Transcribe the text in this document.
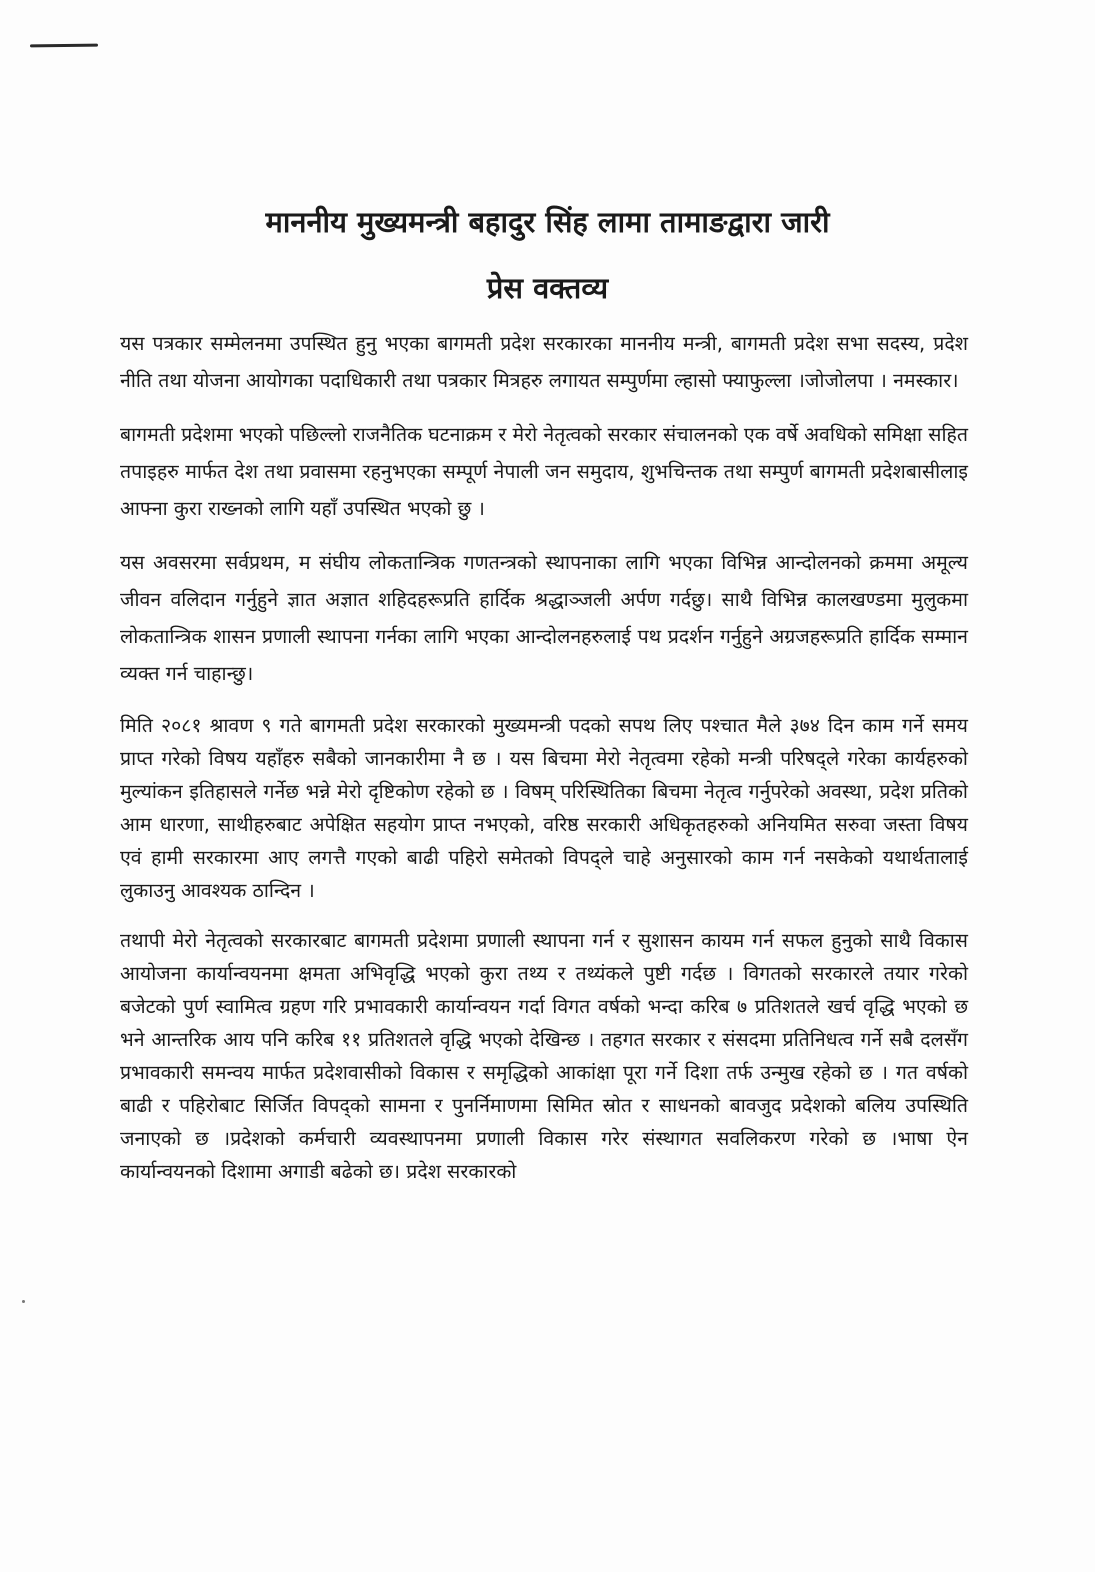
माननीय मुख्यमन्त्री बहादुर सिंह लामा तामाङद्वारा जारी
प्रेस वक्तव्य

यस पत्रकार सम्मेलनमा उपस्थित हुनु भएका बागमती प्रदेश सरकारका माननीय मन्त्री, बागमती प्रदेश सभा सदस्य, प्रदेश नीति तथा योजना आयोगका पदाधिकारी तथा पत्रकार मित्रहरु लगायत सम्पुर्णमा ल्हासो फ्याफुल्ला ।जोजोलपा । नमस्कार।

बागमती प्रदेशमा भएको पछिल्लो राजनैतिक घटनाक्रम र मेरो नेतृत्वको सरकार संचालनको एक वर्षे अवधिको समिक्षा सहित तपाइहरु मार्फत देश तथा प्रवासमा रहनुभएका सम्पूर्ण नेपाली जन समुदाय, शुभचिन्तक तथा सम्पुर्ण बागमती प्रदेशबासीलाइ आफ्ना कुरा राख्नको लागि यहाँ उपस्थित भएको छु ।

यस अवसरमा सर्वप्रथम, म संघीय लोकतान्त्रिक गणतन्त्रको स्थापनाका लागि भएका विभिन्न आन्दोलनको क्रममा अमूल्य जीवन वलिदान गर्नुहुने ज्ञात अज्ञात शहिदहरूप्रति हार्दिक श्रद्धाञ्जली अर्पण गर्दछु। साथै विभिन्न कालखण्डमा मुलुकमा लोकतान्त्रिक शासन प्रणाली स्थापना गर्नका लागि भएका आन्दोलनहरुलाई पथ प्रदर्शन गर्नुहुने अग्रजहरूप्रति हार्दिक सम्मान व्यक्त गर्न चाहान्छु।

मिति २०८१ श्रावण ९ गते बागमती प्रदेश सरकारको मुख्यमन्त्री पदको सपथ लिए पश्चात मैले ३७४ दिन काम गर्ने समय प्राप्त गरेको विषय यहाँहरु सबैको जानकारीमा नै छ । यस बिचमा मेरो नेतृत्वमा रहेको मन्त्री परिषद्ले गरेका कार्यहरुको मुल्यांकन इतिहासले गर्नेछ भन्ने मेरो दृष्टिकोण रहेको छ । विषम् परिस्थितिका बिचमा नेतृत्व गर्नुपरेको अवस्था, प्रदेश प्रतिको आम धारणा, साथीहरुबाट अपेक्षित सहयोग प्राप्त नभएको, वरिष्ठ सरकारी अधिकृतहरुको अनियमित सरुवा जस्ता विषय एवं हामी सरकारमा आए लगत्तै गएको बाढी पहिरो समेतको विपद्ले चाहे अनुसारको काम गर्न नसकेको यथार्थतालाई लुकाउनु आवश्यक ठान्दिन ।

तथापी मेरो नेतृत्वको सरकारबाट बागमती प्रदेशमा प्रणाली स्थापना गर्न र सुशासन कायम गर्न सफल हुनुको साथै विकास आयोजना कार्यान्वयनमा क्षमता अभिवृद्धि भएको कुरा तथ्य र तथ्यंकले पुष्टी गर्दछ । विगतको सरकारले तयार गरेको बजेटको पुर्ण स्वामित्व ग्रहण गरि प्रभावकारी कार्यान्वयन गर्दा विगत वर्षको भन्दा करिब ७ प्रतिशतले खर्च वृद्धि भएको छ भने आन्तरिक आय पनि करिब ११ प्रतिशतले वृद्धि भएको देखिन्छ । तहगत सरकार र संसदमा प्रतिनिधत्व गर्ने सबै दलसँग प्रभावकारी समन्वय मार्फत प्रदेशवासीको विकास र समृद्धिको आकांक्षा पूरा गर्ने दिशा तर्फ उन्मुख रहेको छ । गत वर्षको बाढी र पहिरोबाट सिर्जित विपद्को सामना र पुनर्निमाणमा सिमित स्रोत र साधनको बावजुद प्रदेशको बलिय उपस्थिति जनाएको छ ।प्रदेशको कर्मचारी व्यवस्थापनमा प्रणाली विकास गरेर संस्थागत सवलिकरण गरेको छ ।भाषा ऐन कार्यान्वयनको दिशामा अगाडी बढेको छ। प्रदेश सरकारको
